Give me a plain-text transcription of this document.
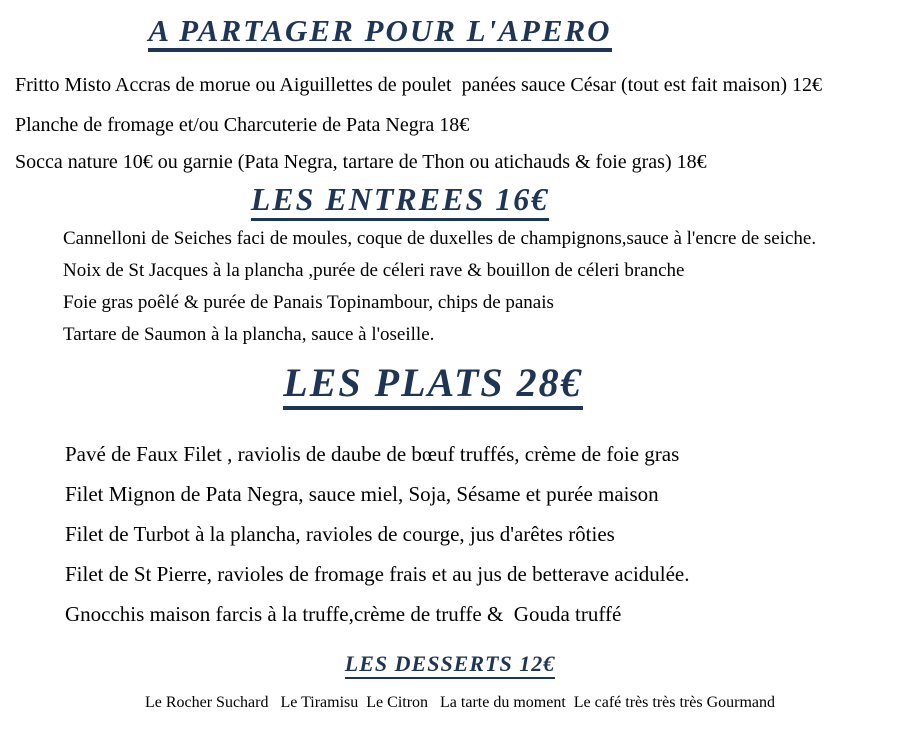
A PARTAGER POUR L'APERO

Fritto Misto Accras de morue ou Aiguillettes de poulet  panées sauce César (tout est fait maison) 12€

Planche de fromage et/ou Charcuterie de Pata Negra 18€

Socca nature 10€ ou garnie (Pata Negra, tartare de Thon ou atichauds & foie gras) 18€

LES ENTREES 16€

Cannelloni de Seiches faci de moules, coque de duxelles de champignons,sauce à l'encre de seiche.

Noix de St Jacques à la plancha ,purée de céleri rave & bouillon de céleri branche

Foie gras poêlé & purée de Panais Topinambour, chips de panais

Tartare de Saumon à la plancha, sauce à l'oseille.

LES PLATS 28€

Pavé de Faux Filet , raviolis de daube de bœuf truffés, crème de foie gras

Filet Mignon de Pata Negra, sauce miel, Soja, Sésame et purée maison

Filet de Turbot à la plancha, ravioles de courge, jus d'arêtes rôties

Filet de St Pierre, ravioles de fromage frais et au jus de betterave acidulée.

Gnocchis maison farcis à la truffe,crème de truffe &  Gouda truffé

LES DESSERTS 12€

Le Rocher Suchard   Le Tiramisu  Le Citron   La tarte du moment  Le café très très très Gourmand
